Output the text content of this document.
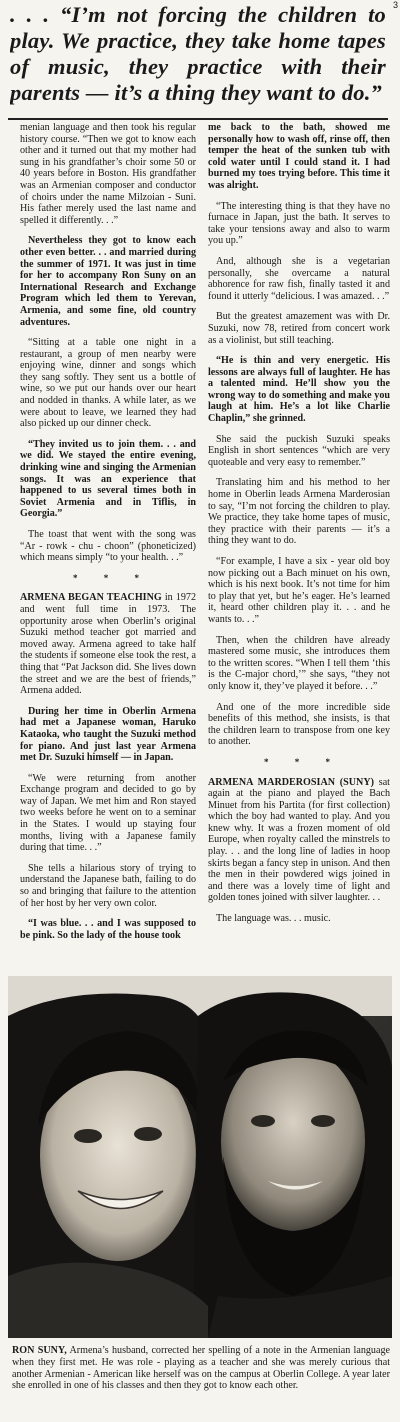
3
. . . “I’m not forcing the children to play. We practice, they take home tapes of music, they practice with their parents — it’s a thing they want to do.”

menian language and then took his regular history course. “Then we got to know each other and it turned out that my mother had sung in his grandfather’s choir some 50 or 40 years before in Boston. His grandfather was an Armenian composer and conductor of choirs under the name Milzoian - Suni. His father merely used the last name and spelled it differently. . .”

Nevertheless they got to know each other even better. . . and married during the summer of 1971. It was just in time for her to accompany Ron Suny on an International Research and Exchange Program which led them to Yerevan, Armenia, and some fine, old country adventures.

“Sitting at a table one night in a restaurant, a group of men nearby were enjoying wine, dinner and songs which they sang softly. They sent us a bottle of wine, so we put our hands over our heart and nodded in thanks. A while later, as we were about to leave, we learned they had also picked up our dinner check.

“They invited us to join them. . . and we did. We stayed the entire evening, drinking wine and singing the Armenian songs. It was an experience that happened to us several times both in Soviet Armenia and in Tiflis, in Georgia.”

The toast that went with the song was “Ar - rowk - chu - choon” (phoneticized) which means simply “to your health. . .”

* * *

ARMENA BEGAN TEACHING in 1972 and went full time in 1973. The opportunity arose when Oberlin’s original Suzuki method teacher got married and moved away. Armena agreed to take half the students if someone else took the rest, a thing that “Pat Jackson did. She lives down the street and we are the best of friends,” Armena added.

During her time in Oberlin Armena had met a Japanese woman, Haruko Kataoka, who taught the Suzuki method for piano. And just last year Armena met Dr. Suzuki himself — in Japan.

“We were returning from another Exchange program and decided to go by way of Japan. We met him and Ron stayed two weeks before he went on to a seminar in the States. I would up staying four months, living with a Japanese family during that time. . .”

She tells a hilarious story of trying to understand the Japanese bath, failing to do so and bringing that failure to the attention of her host by her very own color.

“I was blue. . . and I was supposed to be pink. So the lady of the house took

me back to the bath, showed me personally how to wash off, rinse off, then temper the heat of the sunken tub with cold water until I could stand it. I had burned my toes trying before. This time it was alright.

“The interesting thing is that they have no furnace in Japan, just the bath. It serves to take your tensions away and also to warm you up.”

And, although she is a vegetarian personally, she overcame a natural abhorence for raw fish, finally tasted it and found it utterly “delicious. I was amazed. . .”

But the greatest amazement was with Dr. Suzuki, now 78, retired from concert work as a violinist, but still teaching.

“He is thin and very energetic. His lessons are always full of laughter. He has a talented mind. He’ll show you the wrong way to do something and make you laugh at him. He’s a lot like Charlie Chaplin,” she grinned.

She said the puckish Suzuki speaks English in short sentences “which are very quoteable and very easy to remember.”

Translating him and his method to her home in Oberlin leads Armena Marderosian to say, “I’m not forcing the children to play. We practice, they take home tapes of music, they practice with their parents — it’s a thing they want to do.

“For example, I have a six - year old boy now picking out a Bach minuet on his own, which is his next book. It’s not time for him to play that yet, but he’s eager. He’s learned it, heard other children play it. . . and he wants to. . .”

Then, when the children have already mastered some music, she introduces them to the written scores. “When I tell them ‘this is the C-major chord,’” she says, “they not only know it, they’ve played it before. . .”

And one of the more incredible side benefits of this method, she insists, is that the children learn to transpose from one key to another.

* * *

ARMENA MARDEROSIAN (SUNY) sat again at the piano and played the Bach Minuet from his Partita (for first collection) which the boy had wanted to play. And you knew why. It was a frozen moment of old Europe, when royalty called the minstrels to play. . . and the long line of ladies in hoop skirts began a fancy step in unison. And then the men in their powdered wigs joined in and there was a lovely time of light and golden tones joined with silver laughter. . .

The language was. . . music.

RON SUNY, Armena’s husband, corrected her spelling of a note in the Armenian language when they first met. He was role - playing as a teacher and she was merely curious that another Armenian - American like herself was on the campus at Oberlin College. A year later she enrolled in one of his classes and then they got to know each other.
